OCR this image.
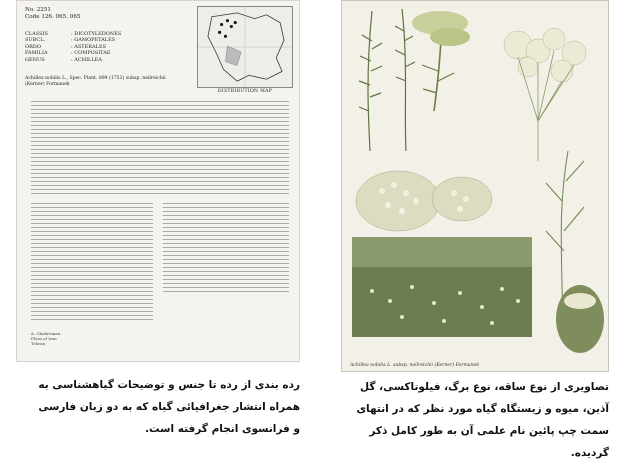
No. 2251
Code 126. 065. 065
CLASSIS	: DICOTYLEDONES
SUBCL.	: GAMOPETALES
ORDO	: ASTERALES
FAMILIA	: COMPOSITAE
GENUS	: ACHILLEA
Achillea nobilis L., Spec. Plant. 899 (1753) subsp. neilreichii (Kerner) Formanek
DISTRIBUTION MAP
A. Ghahreman
Flora of Iran
Tehran
Achillea nobilis L. subsp. neilreichii (Kerner) Formanek
رده بندی از رده تا جنس و توضیحات گیاهشناسی به همراه انتشار جغرافیائی گیاه که به دو زبان فارسی و فرانسوی انجام گرفته است.
تصاویری از نوع ساقه، نوع برگ، فیلوتاکسی، گل آذین، میوه و زیستگاه گیاه مورد نظر که در انتهای سمت چپ پائین نام علمی آن به طور کامل ذکر گردیده.
